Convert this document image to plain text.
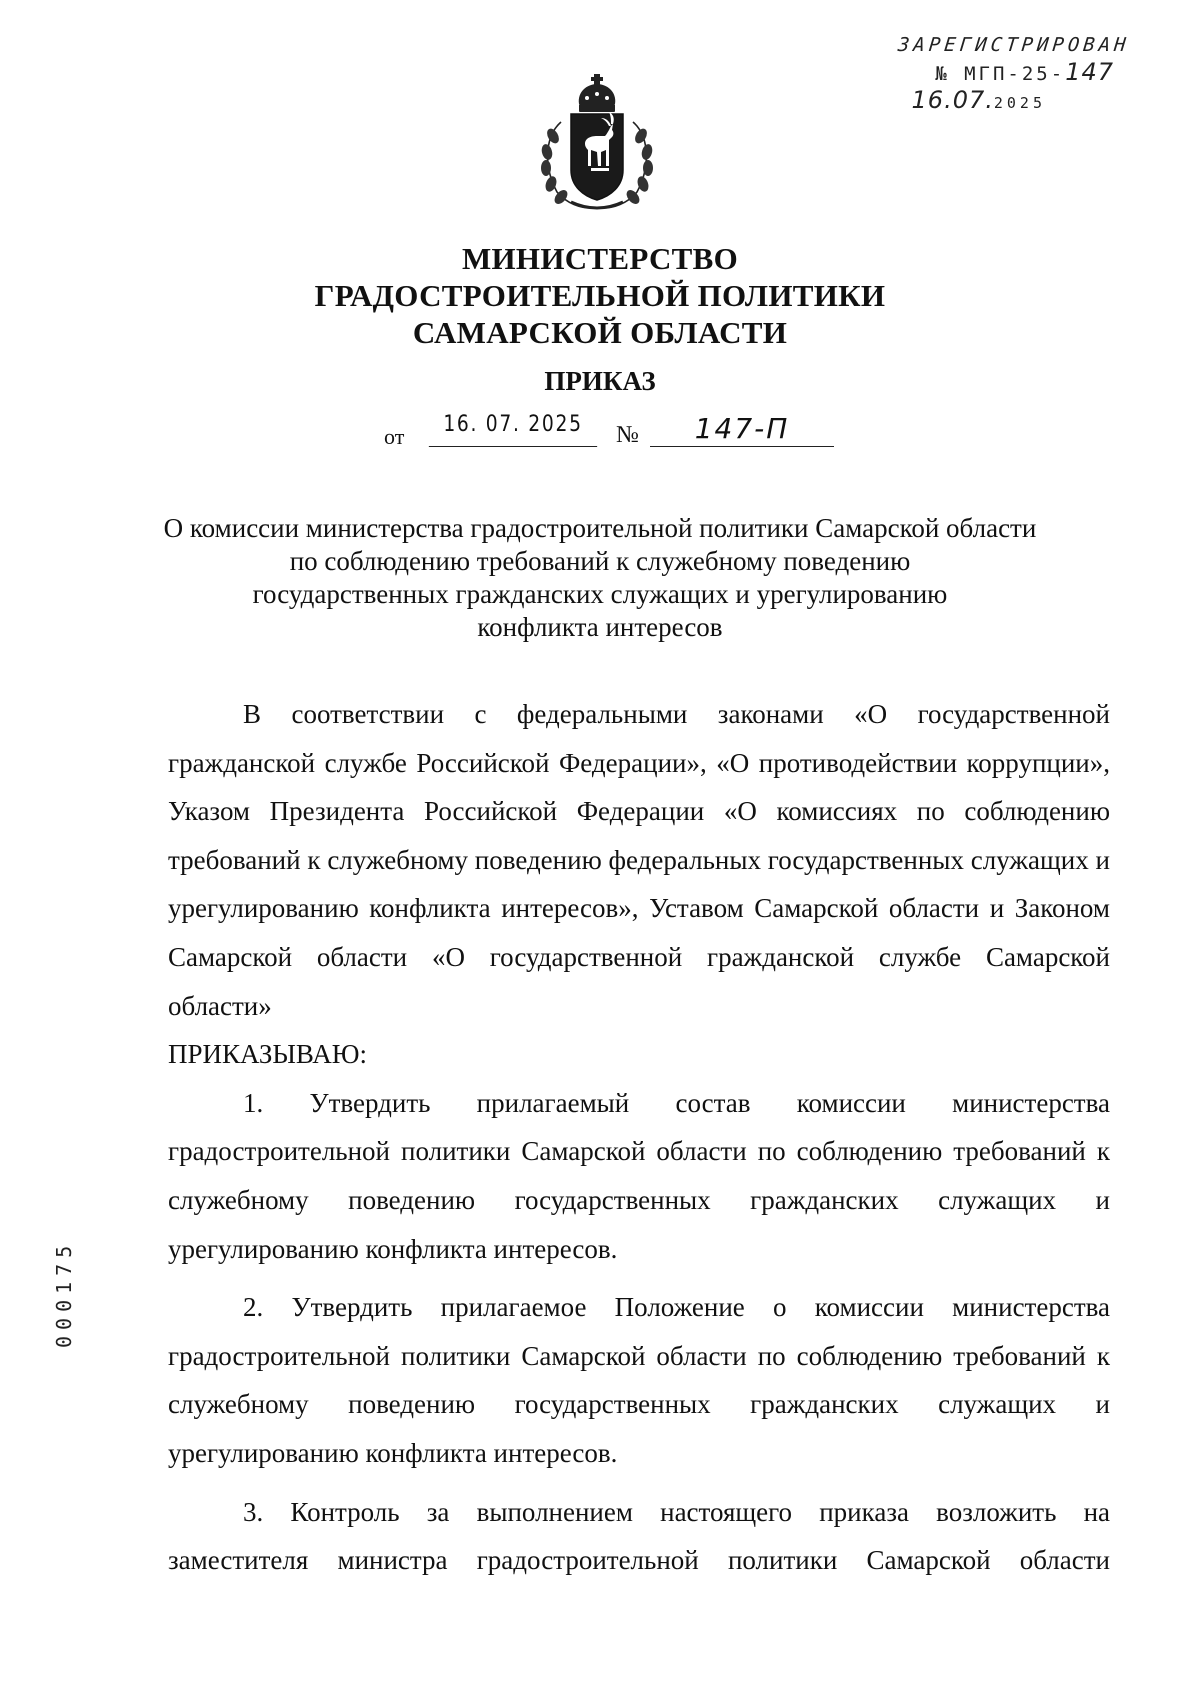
ЗАРЕГИСТРИРОВАН
№ МГП-25-147
16.07.2025
МИНИСТЕРСТВО
ГРАДОСТРОИТЕЛЬНОЙ ПОЛИТИКИ
САМАРСКОЙ ОБЛАСТИ
ПРИКАЗ
от	16. 07. 2025	№	147-П
О комиссии министерства градостроительной политики Самарской области
по соблюдению требований к служебному поведению
государственных гражданских служащих и урегулированию
конфликта интересов

В соответствии с федеральными законами «О государственной гражданской службе Российской Федерации», «О противодействии коррупции», Указом Президента Российской Федерации «О комиссиях по соблюдению требований к служебному поведению федеральных государственных служащих и урегулированию конфликта интересов», Уставом Самарской области и Законом Самарской области «О государственной гражданской службе Самарской области»

ПРИКАЗЫВАЮ:

1. Утвердить прилагаемый состав комиссии министерства градостроительной политики Самарской области по соблюдению требований к служебному поведению государственных гражданских служащих и урегулированию конфликта интересов.

2. Утвердить прилагаемое Положение о комиссии министерства градостроительной политики Самарской области по соблюдению требований к служебному поведению государственных гражданских служащих и урегулированию конфликта интересов.

3. Контроль за выполнением настоящего приказа возложить на заместителя министра градостроительной политики Самарской области

000175
